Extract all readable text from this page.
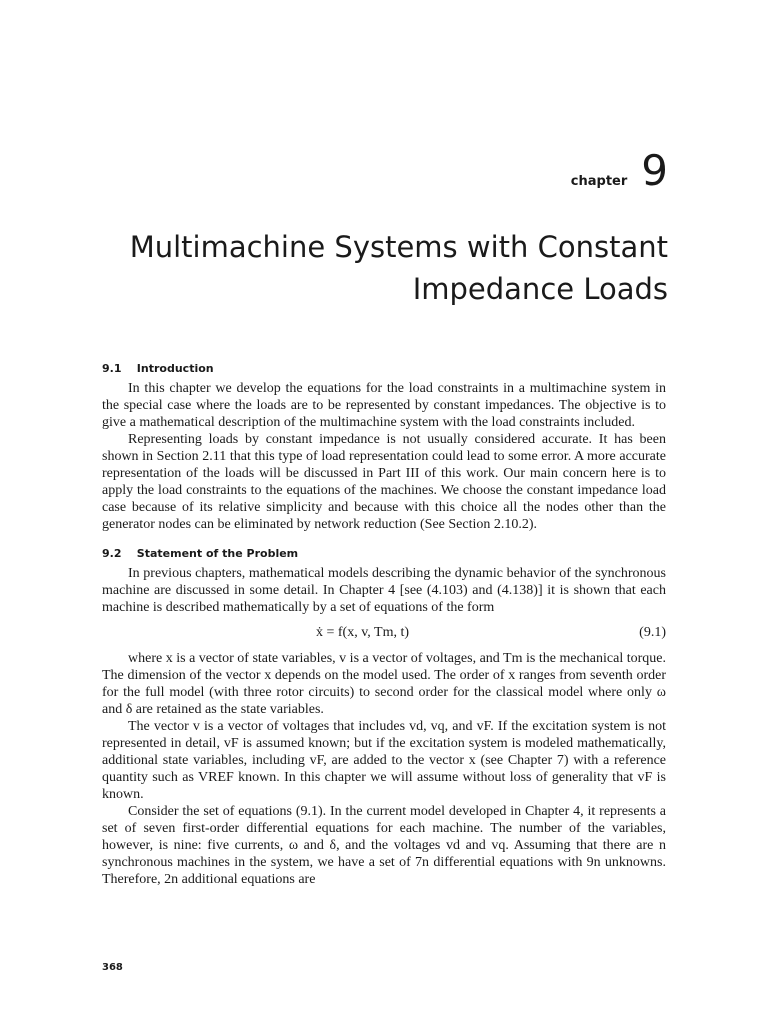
chapter 9
Multimachine Systems with Constant Impedance Loads

9.1    Introduction

In this chapter we develop the equations for the load constraints in a multimachine system in the special case where the loads are to be represented by constant impedances. The objective is to give a mathematical description of the multimachine system with the load constraints included.

Representing loads by constant impedance is not usually considered accurate. It has been shown in Section 2.11 that this type of load representation could lead to some error. A more accurate representation of the loads will be discussed in Part III of this work. Our main concern here is to apply the load constraints to the equations of the machines. We choose the constant impedance load case because of its relative simplicity and because with this choice all the nodes other than the generator nodes can be eliminated by network reduction (See Section 2.10.2).

9.2    Statement of the Problem

In previous chapters, mathematical models describing the dynamic behavior of the synchronous machine are discussed in some detail. In Chapter 4 [see (4.103) and (4.138)] it is shown that each machine is described mathematically by a set of equations of the form

ẋ = f(x, v, Tm, t)	(9.1)

where x is a vector of state variables, v is a vector of voltages, and Tm is the mechanical torque. The dimension of the vector x depends on the model used. The order of x ranges from seventh order for the full model (with three rotor circuits) to second order for the classical model where only ω and δ are retained as the state variables.

The vector v is a vector of voltages that includes vd, vq, and vF. If the excitation system is not represented in detail, vF is assumed known; but if the excitation system is modeled mathematically, additional state variables, including vF, are added to the vector x (see Chapter 7) with a reference quantity such as VREF known. In this chapter we will assume without loss of generality that vF is known.

Consider the set of equations (9.1). In the current model developed in Chapter 4, it represents a set of seven first-order differential equations for each machine. The number of the variables, however, is nine: five currents, ω and δ, and the voltages vd and vq. Assuming that there are n synchronous machines in the system, we have a set of 7n differential equations with 9n unknowns. Therefore, 2n additional equations are

368
